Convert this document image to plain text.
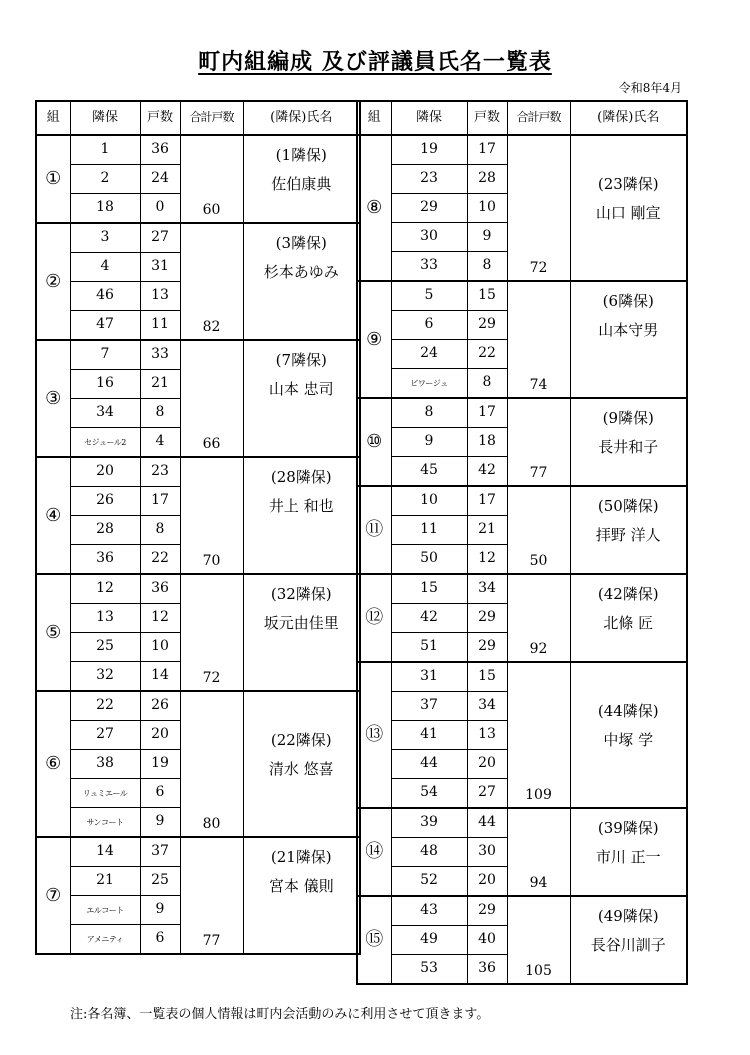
町内組編成 及び評議員氏名一覧表
令和8年4月
組	隣保	戸数	合計戸数	(隣保)氏名
①	1	36	60	(1隣保)
佐伯康典

	2	24		
	18	0		
②	3	27	82	(3隣保)
杉本あゆみ

	4	31		
	46	13		
	47	11		
③	7	33	66	(7隣保)
山本 忠司

	16	21		
	34	8		
	セジュール2	4		
④	20	23	70	(28隣保)
井上 和也

	26	17		
	28	8		
	36	22		
⑤	12	36	72	(32隣保)
坂元由佳里

	13	12		
	25	10		
	32	14		
⑥	22	26	80	(22隣保)
清水 悠喜

	27	20		
	38	19		
	リュミエール	6		
	サンコート	9		
⑦	14	37	77	(21隣保)
宮本 儀則

	21	25		
	エルコート	9		
	アメニティ	6		
組	隣保	戸数	合計戸数	(隣保)氏名
⑧	19	17	72	(23隣保)
山口 剛宣

	23	28		
	29	10		
	30	9		
	33	8		
⑨	5	15	74	(6隣保)
山本守男

	6	29		
	24	22		
	ビワージュ	8		
⑩	8	17	77	(9隣保)
長井和子

	9	18		
	45	42		
⑪	10	17	50	(50隣保)
拝野 洋人

	11	21		
	50	12		
⑫	15	34	92	(42隣保)
北條 匠

	42	29		
	51	29		
⑬	31	15	109	(44隣保)
中塚 学

	37	34		
	41	13		
	44	20		
	54	27		
⑭	39	44	94	(39隣保)
市川 正一

	48	30		
	52	20		
⑮	43	29	105	(49隣保)
長谷川訓子

	49	40		
	53	36		
注:各名簿、一覧表の個人情報は町内会活動のみに利用させて頂きます。
